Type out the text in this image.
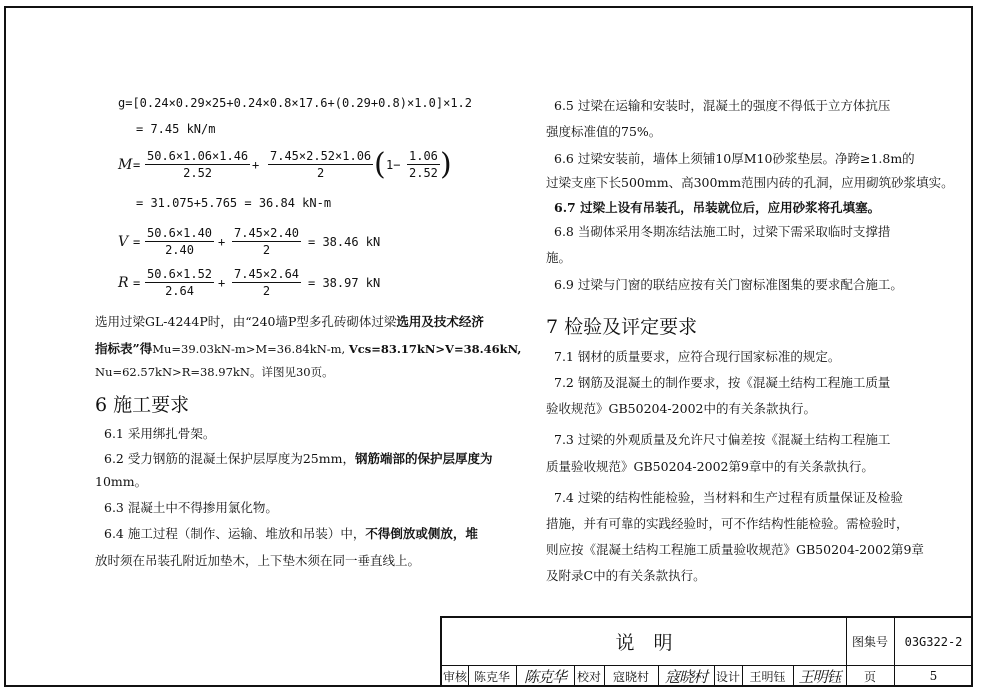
g=[0.24×0.29×25+0.24×0.8×17.6+(0.29+0.8)×1.0]×1.2
= 7.45 kN/m
$M = \frac{50.6\times 1.06\times 1.46}{2.52} + \frac{7.45\times 2.52\times 1.06}{2}$ ( $1- \frac{1.06}{2.52}$ )
= 31.075+5.765 = 36.84 kN-m
$V = \frac{50.6\times 1.40}{2.40} + \frac{7.45\times 2.40}{2} = 38.46$ kN
$R = \frac{50.6\times 1.52}{2.64} + \frac{7.45\times 2.64}{2} = 38.97$ kN
选用过梁GL-4244P时，由“240墙P型多孔砖砌体过梁选用及技术经济
指标表”得Mu=39.03kN-m>M=36.84kN-m, Vcs=83.17kN>V=38.46kN,
Nu=62.57kN>R=38.97kN。详图见30页。
6 施工要求
6.1 采用绑扎骨架。
6.2 受力钢筋的混凝土保护层厚度为25mm，钢筋端部的保护层厚度为
10mm。
6.3 混凝土中不得掺用氯化物。
6.4 施工过程（制作、运输、堆放和吊装）中，不得倒放或侧放，堆
放时须在吊装孔附近加垫木，上下垫木须在同一垂直线上。
6.5 过梁在运输和安装时，混凝土的强度不得低于立方体抗压
强度标准值的75%。
6.6 过梁安装前，墙体上须铺10厚M10砂浆垫层。净跨≥1.8m的
过梁支座下长500mm、高300mm范围内砖的孔洞，应用砌筑砂浆填实。
6.7 过梁上设有吊装孔，吊装就位后，应用砂浆将孔填塞。
6.8 当砌体采用冬期冻结法施工时，过梁下需采取临时支撑措
施。
6.9 过梁与门窗的联结应按有关门窗标准图集的要求配合施工。
7 检验及评定要求
7.1 钢材的质量要求，应符合现行国家标准的规定。
7.2 钢筋及混凝土的制作要求，按《混凝土结构工程施工质量
验收规范》GB50204-2002中的有关条款执行。
7.3 过梁的外观质量及允许尺寸偏差按《混凝土结构工程施工
质量验收规范》GB50204-2002第9章中的有关条款执行。
7.4 过梁的结构性能检验，当材料和生产过程有质量保证及检验
措施，并有可靠的实践经验时，可不作结构性能检验。需检验时，
则应按《混凝土结构工程施工质量验收规范》GB50204-2002第9章
及附录C中的有关条款执行。
说　明	图集号	03G322-2
审核 陈克华 陈克华 校对 寇晓村	寇晓村 设计 王明钰 王明钰	页	5
